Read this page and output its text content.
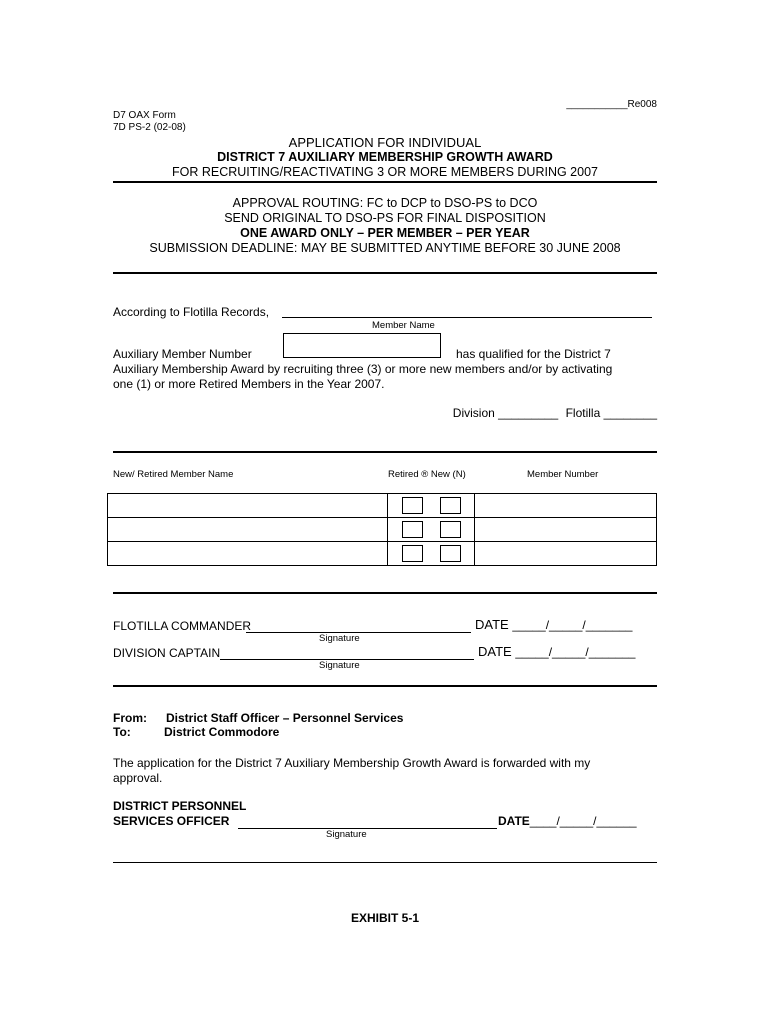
___________Re008
D7 OAX Form
7D PS-2 (02-08)
APPLICATION FOR INDIVIDUAL
DISTRICT 7 AUXILIARY MEMBERSHIP GROWTH AWARD
FOR RECRUITING/REACTIVATING 3 OR MORE MEMBERS DURING 2007
APPROVAL ROUTING: FC to DCP to DSO-PS to DCO
SEND ORIGINAL TO DSO-PS FOR FINAL DISPOSITION
ONE AWARD ONLY – PER MEMBER – PER YEAR
SUBMISSION DEADLINE: MAY BE SUBMITTED ANYTIME BEFORE 30 JUNE 2008
According to Flotilla Records,
Member Name
Auxiliary Member Number	has qualified for the District 7
Auxiliary Membership Award by recruiting three (3) or more new members and/or by activating
one (1) or more Retired Members in the Year 2007.
Division _________ Flotilla ________
New/ Retired Member Name	Retired ® New (N)	Member Number

FLOTILLA COMMANDER
Signature
DATE _____/_____/_______
DIVISION CAPTAIN
Signature
DATE _____/_____/_______
From: District Staff Officer – Personnel Services
To:	District Commodore
The application for the District 7 Auxiliary Membership Growth Award is forwarded with my
approval.
DISTRICT PERSONNEL
SERVICES OFFICER
Signature
DATE____/_____/______
EXHIBIT 5-1
